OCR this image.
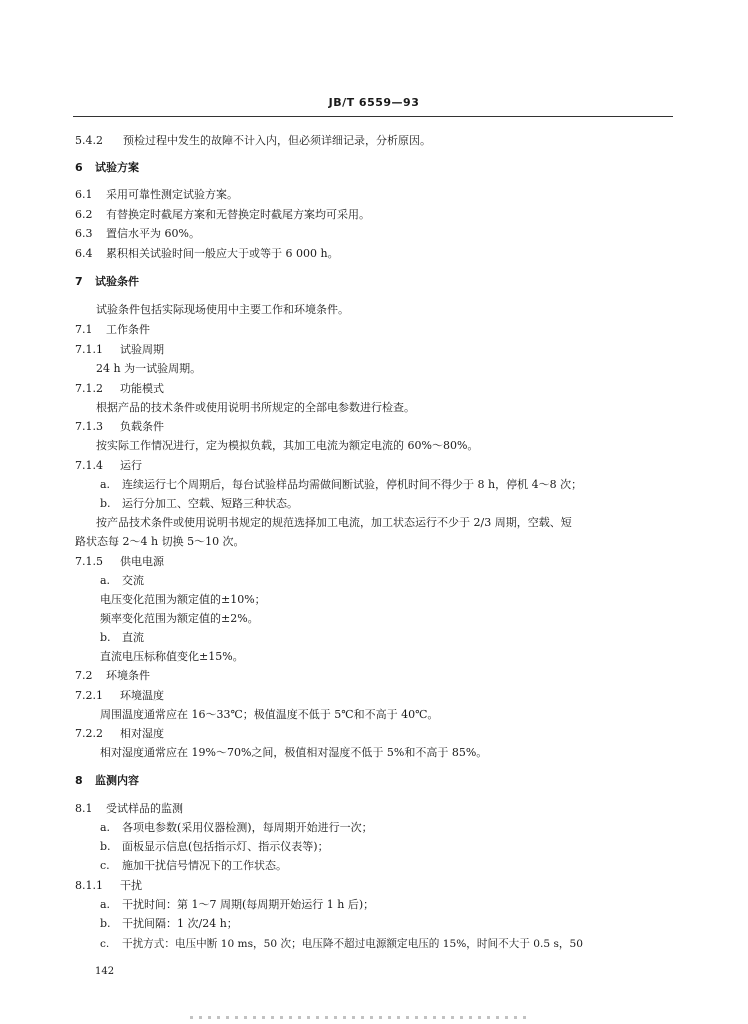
JB/T 6559—93
5.4.2 预检过程中发生的故障不计入内，但必须详细记录，分析原因。
6 试验方案
6.1 采用可靠性测定试验方案。
6.2 有替换定时截尾方案和无替换定时截尾方案均可采用。
6.3 置信水平为 60%。
6.4 累积相关试验时间一般应大于或等于 6 000 h。
7 试验条件
试验条件包括实际现场使用中主要工作和环境条件。
7.1 工作条件
7.1.1 试验周期
24 h 为一试验周期。
7.1.2 功能模式
根据产品的技术条件或使用说明书所规定的全部电参数进行检查。
7.1.3 负载条件
按实际工作情况进行，定为模拟负载，其加工电流为额定电流的 60%～80%。
7.1.4 运行
a. 连续运行七个周期后，每台试验样品均需做间断试验，停机时间不得少于 8 h，停机 4～8 次；
b. 运行分加工、空载、短路三种状态。
按产品技术条件或使用说明书规定的规范选择加工电流，加工状态运行不少于 2/3 周期，空载、短
路状态每 2～4 h 切换 5～10 次。
7.1.5 供电电源
a. 交流
电压变化范围为额定值的±10%；
频率变化范围为额定值的±2%。
b. 直流
直流电压标称值变化±15%。
7.2 环境条件
7.2.1 环境温度
周围温度通常应在 16～33℃；极值温度不低于 5℃和不高于 40℃。
7.2.2 相对湿度
相对湿度通常应在 19%～70%之间，极值相对湿度不低于 5%和不高于 85%。
8 监测内容
8.1 受试样品的监测
a. 各项电参数(采用仪器检测)，每周期开始进行一次；
b. 面板显示信息(包括指示灯、指示仪表等)；
c. 施加干扰信号情况下的工作状态。
8.1.1 干扰
a. 干扰时间：第 1～7 周期(每周期开始运行 1 h 后)；
b. 干扰间隔：1 次/24 h；
c. 干扰方式：电压中断 10 ms，50 次；电压降不超过电源额定电压的 15%，时间不大于 0.5 s，50
142
